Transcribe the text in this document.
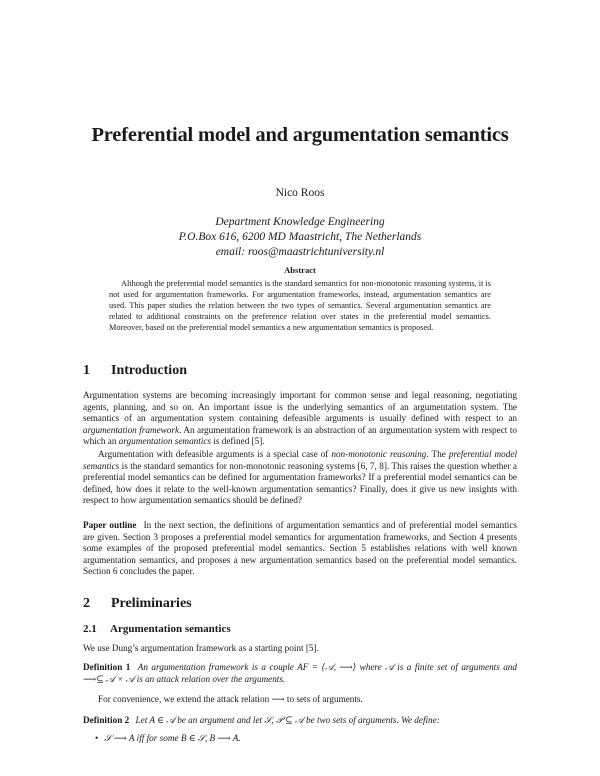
Preferential model and argumentation semantics
Nico Roos
Department Knowledge Engineering
P.O.Box 616, 6200 MD Maastricht, The Netherlands
email: roos@maastrichtuniversity.nl
Abstract
Although the preferential model semantics is the standard semantics for non-monotonic reasoning systems, it is not used for argumentation frameworks. For argumentation frameworks, instead, argumentation semantics are used. This paper studies the relation between the two types of semantics. Several argumentation semantics are related to additional constraints on the preference relation over states in the preferential model semantics. Moreover, based on the preferential model semantics a new argumentation semantics is proposed.
1 Introduction
Argumentation systems are becoming increasingly important for common sense and legal reasoning, negotiating agents, planning, and so on. An important issue is the underlying semantics of an argumentation system. The semantics of an argumentation system containing defeasible arguments is usually defined with respect to an argumentation framework. An argumentation framework is an abstraction of an argumentation system with respect to which an argumentation semantics is defined [5].
Argumentation with defeasible arguments is a special case of non-monotonic reasoning. The preferential model semantics is the standard semantics for non-monotonic reasoning systems [6, 7, 8]. This raises the question whether a preferential model semantics can be defined for argumentation frameworks? If a preferential model semantics can be defined, how does it relate to the well-known argumentation semantics? Finally, does it give us new insights with respect to how argumentation semantics should be defined?
Paper outline In the next section, the definitions of argumentation semantics and of preferential model semantics are given. Section 3 proposes a preferential model semantics for argumentation frameworks, and Section 4 presents some examples of the proposed preferential model semantics. Section 5 establishes relations with well known argumentation semantics, and proposes a new argumentation semantics based on the preferential model semantics. Section 6 concludes the paper.
2 Preliminaries
2.1 Argumentation semantics
We use Dung’s argumentation framework as a starting point [5].
Definition 1 An argumentation framework is a couple AF = ⟨𝒜, ⟶⟩ where 𝒜 is a finite set of arguments and ⟶⊆ 𝒜 × 𝒜 is an attack relation over the arguments.
For convenience, we extend the attack relation ⟶ to sets of arguments.
Definition 2 Let A ∈ 𝒜 be an argument and let 𝒮, 𝒫 ⊆ 𝒜 be two sets of arguments. We define:
• 𝒮 ⟶ A iff for some B ∈ 𝒮, B ⟶ A.
